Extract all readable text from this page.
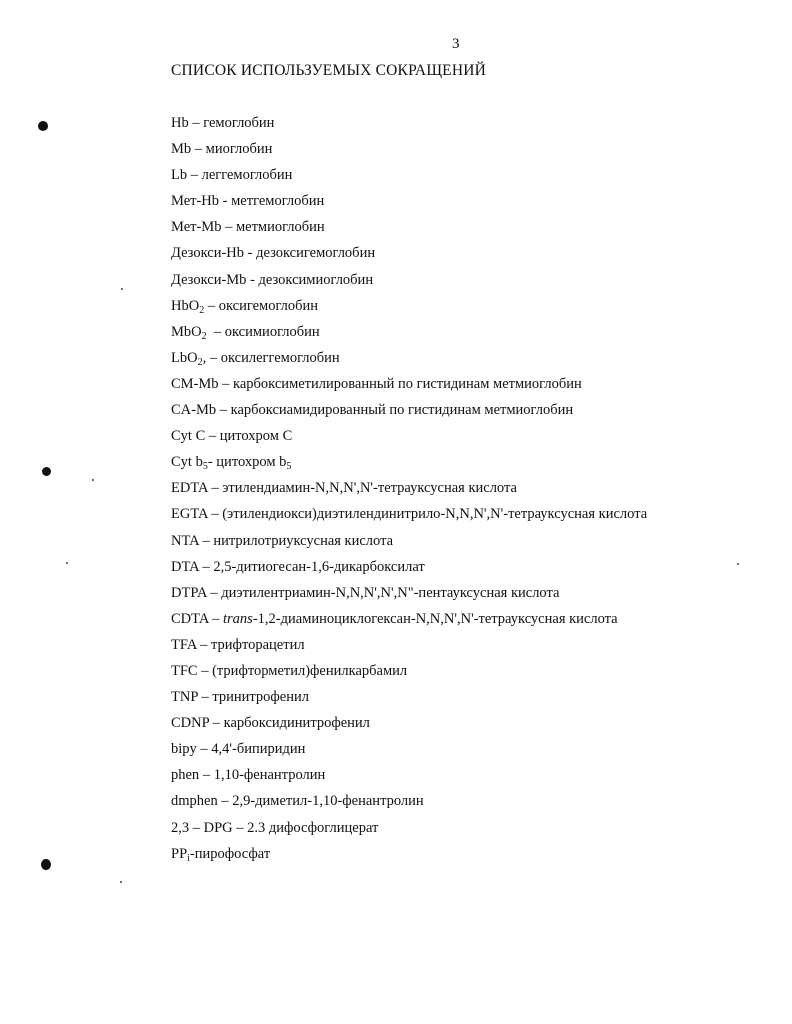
3
СПИСОК ИСПОЛЬЗУЕМЫХ СОКРАЩЕНИЙ
Hb – гемоглобин
Mb – миоглобин
Lb – леггемоглобин
Мет-Hb - метгемоглобин
Мет-Mb – метмиоглобин
Дезокси-Hb - дезоксигемоглобин
Дезокси-Mb - дезоксимиоглобин
HbO$_2$ – оксигемоглобин
MbO$_2$  – оксимиоглобин
LbO$_2$, – оксилеггемоглобин
CM-Mb – карбоксиметилированный по гистидинам метмиоглобин
CA-Mb – карбоксиамидированный по гистидинам метмиоглобин
Cyt C – цитохром С
Cyt $b_5-$ цитохром $b_5$
EDTA – этилендиамин-N,N,N',N'-тетрауксусная кислота
EGTA – (этилендиокси)диэтилендинитрило-N,N,N',N'-тетрауксусная кислота
NTA – нитрилотриуксусная кислота
DTA – 2,5-дитиогесан-1,6-дикарбоксилат
DTPA – диэтилентриамин-N,N,N',N',N"-пентауксусная кислота
CDTA – trans-1,2-диаминоциклогексан-N,N,N',N'-тетрауксусная кислота
TFA – трифторацетил
TFC – (трифторметил)фенилкарбамил
TNP – тринитрофенил
CDNP – карбоксидинитрофенил
bipy – 4,4'-бипиридин
phen – 1,10-фенантролин
dmphen – 2,9-диметил-1,10-фенантролин
2,3 – DPG – 2.3 дифосфоглицерат
$PP_i$-пирофосфат
